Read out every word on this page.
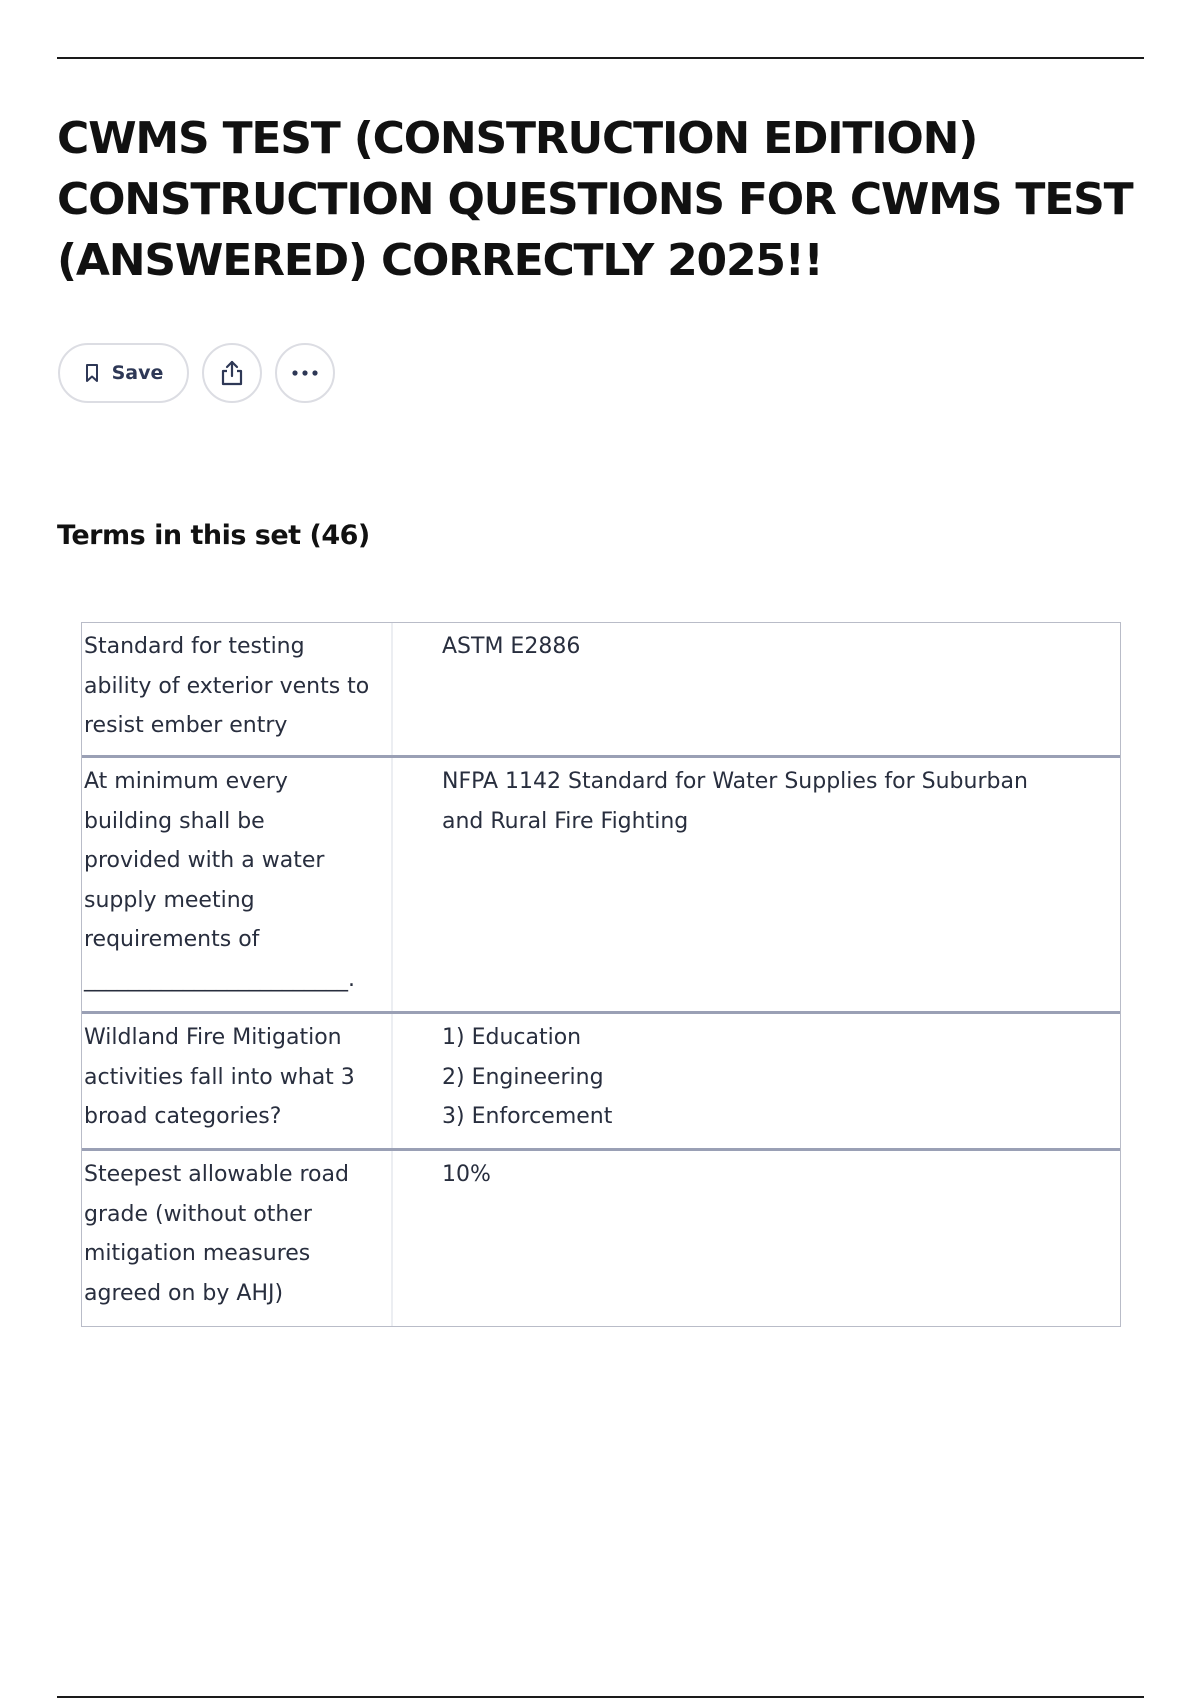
CWMS TEST (CONSTRUCTION EDITION) CONSTRUCTION QUESTIONS FOR CWMS TEST (ANSWERED) CORRECTLY 2025!!
Save
Terms in this set (46)
Standard for testing
ability of exterior vents to
resist ember entry
ASTM E2886
At minimum every
building shall be
provided with a water
supply meeting
requirements of
________________________.
NFPA 1142 Standard for Water Supplies for Suburban
and Rural Fire Fighting
Wildland Fire Mitigation
activities fall into what 3
broad categories?
1) Education
2) Engineering
3) Enforcement
Steepest allowable road
grade (without other
mitigation measures
agreed on by AHJ)
10%
